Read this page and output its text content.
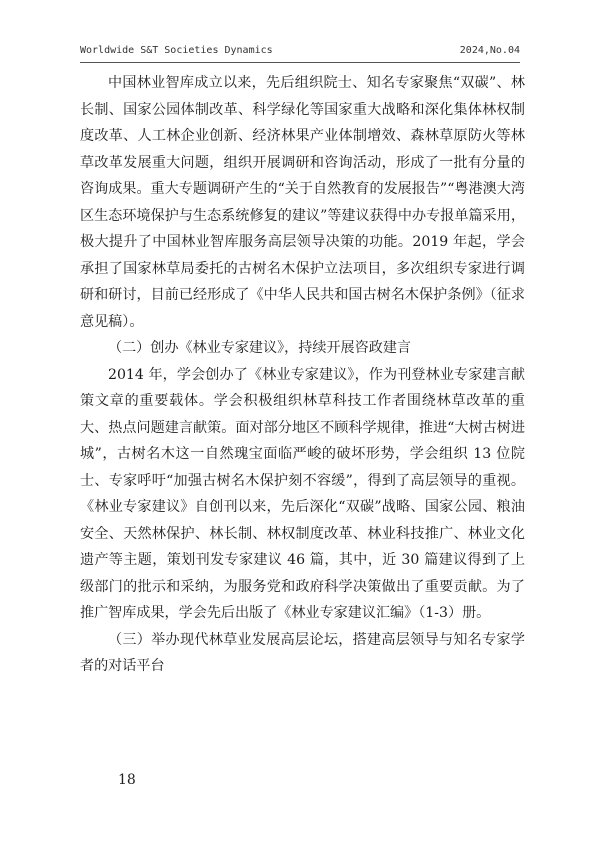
Worldwide S&T Societies Dynamics	2024,No.04

中国林业智库成立以来，先后组织院士、知名专家聚焦“双碳”、林长制、国家公园体制改革、科学绿化等国家重大战略和深化集体林权制度改革、人工林企业创新、经济林果产业体制增效、森林草原防火等林草改革发展重大问题，组织开展调研和咨询活动，形成了一批有分量的咨询成果。重大专题调研产生的“关于自然教育的发展报告”“粤港澳大湾区生态环境保护与生态系统修复的建议”等建议获得中办专报单篇采用，极大提升了中国林业智库服务高层领导决策的功能。2019 年起，学会承担了国家林草局委托的古树名木保护立法项目，多次组织专家进行调研和研讨，目前已经形成了《中华人民共和国古树名木保护条例》（征求意见稿）。

（二）创办《林业专家建议》，持续开展咨政建言

2014 年，学会创办了《林业专家建议》，作为刊登林业专家建言献策文章的重要载体。学会积极组织林草科技工作者围绕林草改革的重大、热点问题建言献策。面对部分地区不顾科学规律，推进“大树古树进城”，古树名木这一自然瑰宝面临严峻的破坏形势，学会组织 13 位院士、专家呼吁“加强古树名木保护刻不容缓”，得到了高层领导的重视。《林业专家建议》自创刊以来，先后深化“双碳”战略、国家公园、粮油安全、天然林保护、林长制、林权制度改革、林业科技推广、林业文化遗产等主题，策划刊发专家建议 46 篇，其中，近 30 篇建议得到了上级部门的批示和采纳，为服务党和政府科学决策做出了重要贡献。为了推广智库成果，学会先后出版了《林业专家建议汇编》（1-3）册。

（三）举办现代林草业发展高层论坛，搭建高层领导与知名专家学者的对话平台

18
